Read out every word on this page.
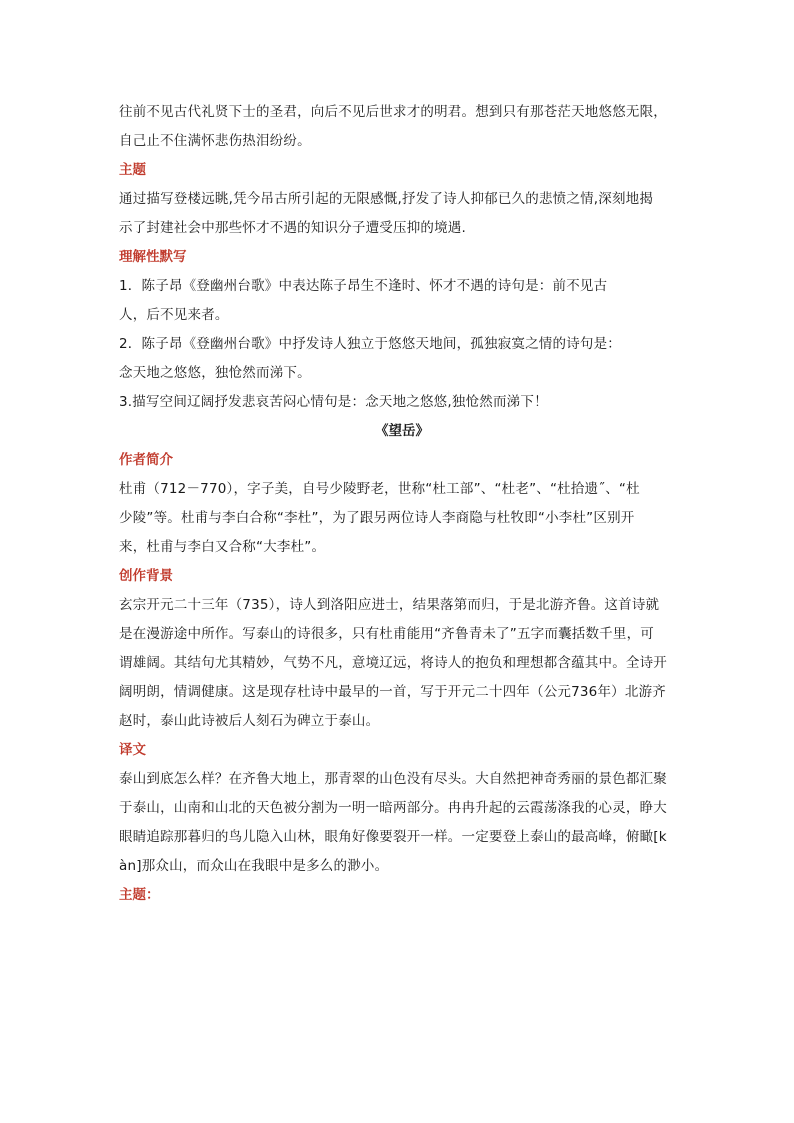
往前不见古代礼贤下士的圣君，向后不见后世求才的明君。想到只有那苍茫天地悠悠无限，
自己止不住满怀悲伤热泪纷纷。
主题
通过描写登楼远眺,凭今吊古所引起的无限感慨,抒发了诗人抑郁已久的悲愤之情,深刻地揭
示了封建社会中那些怀才不遇的知识分子遭受压抑的境遇.
理解性默写
1．陈子昂《登幽州台歌》中表达陈子昂生不逢时、怀才不遇的诗句是：前不见古
人，后不见来者。
2．陈子昂《登幽州台歌》中抒发诗人独立于悠悠天地间，孤独寂寞之情的诗句是：
念天地之悠悠，独怆然而涕下。
3.描写空间辽阔抒发悲哀苦闷心情句是：念天地之悠悠,独怆然而涕下！
《望岳》
作者简介
杜甫（712－770），字子美，自号少陵野老，世称“杜工部”、“杜老”、“杜拾遗˝、“杜
少陵”等。杜甫与李白合称“李杜”，为了跟另两位诗人李商隐与杜牧即“小李杜”区别开
来，杜甫与李白又合称“大李杜”。
创作背景
玄宗开元二十三年（735），诗人到洛阳应进士，结果落第而归，于是北游齐鲁。这首诗就
是在漫游途中所作。写泰山的诗很多，只有杜甫能用“齐鲁青未了”五字而囊括数千里，可
谓雄阔。其结句尤其精妙，气势不凡，意境辽远，将诗人的抱负和理想都含蕴其中。全诗开
阔明朗，情调健康。这是现存杜诗中最早的一首，写于开元二十四年（公元736年）北游齐
赵时，泰山此诗被后人刻石为碑立于泰山。
译文
泰山到底怎么样？在齐鲁大地上，那青翠的山色没有尽头。大自然把神奇秀丽的景色都汇聚
于泰山，山南和山北的天色被分割为一明一暗两部分。冉冉升起的云霞荡涤我的心灵，睁大
眼睛追踪那暮归的鸟儿隐入山林，眼角好像要裂开一样。一定要登上泰山的最高峰，俯瞰[k
àn]那众山，而众山在我眼中是多么的渺小。
主题：
